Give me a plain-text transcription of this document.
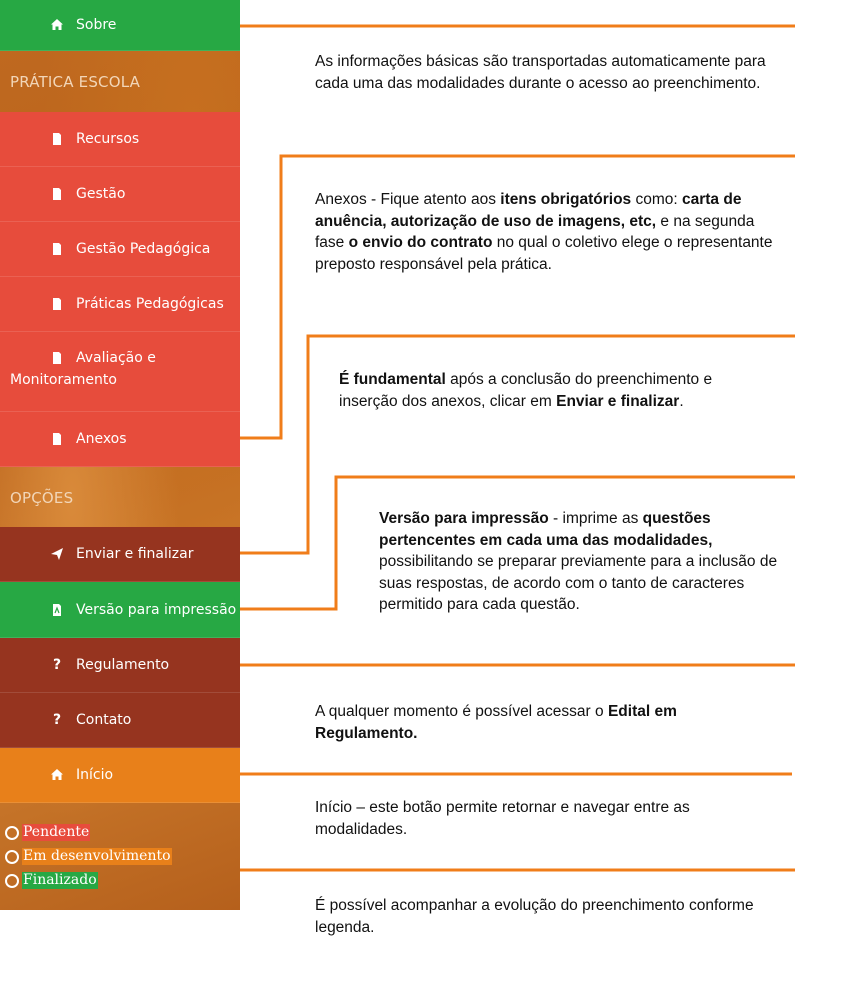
Sobre
PRÁTICA ESCOLA
Recursos
Gestão
Gestão Pedagógica
Práticas Pedagógicas
Avaliação e
Monitoramento
Anexos
OPÇÕES
Enviar e finalizar
Versão para impressão
? Regulamento
? Contato
Início
Pendente
Em desenvolvimento
Finalizado
As informações básicas são transportadas automaticamente para cada uma das modalidades durante o acesso ao preenchimento.
Anexos - Fique atento aos itens obrigatórios como: carta de anuência, autorização de uso de imagens, etc, e na segunda fase o envio do contrato no qual o coletivo elege o representante preposto responsável pela prática.
É fundamental após a conclusão do preenchimento e inserção dos anexos, clicar em Enviar e finalizar.
Versão para impressão - imprime as questões pertencentes em cada uma das modalidades, possibilitando se preparar previamente para a inclusão de suas respostas, de acordo com o tanto de caracteres permitido para cada questão.
A qualquer momento é possível acessar o Edital em Regulamento.
Início – este botão permite retornar e navegar entre as modalidades.
É possível acompanhar a evolução do preenchimento conforme legenda.
